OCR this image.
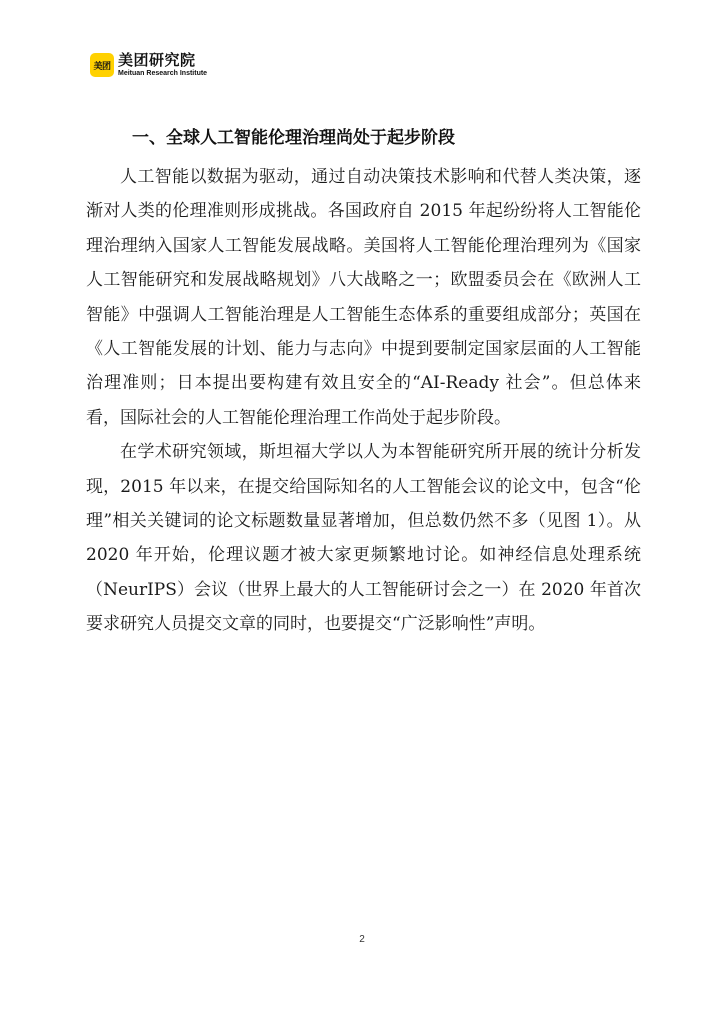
美团 美团研究院
Meituan Research Institute
一、全球人工智能伦理治理尚处于起步阶段

人工智能以数据为驱动，通过自动决策技术影响和代替人类决策，逐渐对人类的伦理准则形成挑战。各国政府自 2015 年起纷纷将人工智能伦理治理纳入国家人工智能发展战略。美国将人工智能伦理治理列为《国家人工智能研究和发展战略规划》八大战略之一；欧盟委员会在《欧洲人工智能》中强调人工智能治理是人工智能生态体系的重要组成部分；英国在《人工智能发展的计划、能力与志向》中提到要制定国家层面的人工智能治理准则；日本提出要构建有效且安全的“AI-Ready 社会”。但总体来看，国际社会的人工智能伦理治理工作尚处于起步阶段。

在学术研究领域，斯坦福大学以人为本智能研究所开展的统计分析发现，2015 年以来，在提交给国际知名的人工智能会议的论文中，包含“伦理”相关关键词的论文标题数量显著增加，但总数仍然不多（见图 1）。从 2020 年开始，伦理议题才被大家更频繁地讨论。如神经信息处理系统（NeurIPS）会议（世界上最大的人工智能研讨会之一）在 2020 年首次要求研究人员提交文章的同时，也要提交“广泛影响性”声明。

2
